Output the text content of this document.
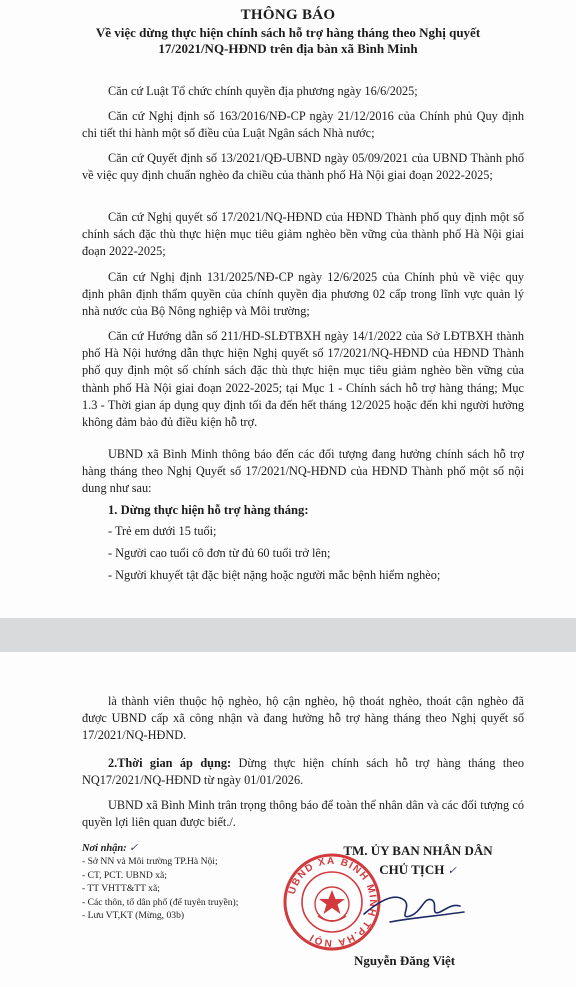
THÔNG BÁO
Về việc dừng thực hiện chính sách hỗ trợ hàng tháng theo Nghị quyết
17/2021/NQ-HĐND trên địa bàn xã Bình Minh

Căn cứ Luật Tổ chức chính quyền địa phương ngày 16/6/2025;

Căn cứ Nghị định số 163/2016/NĐ-CP ngày 21/12/2016 của Chính phủ Quy định chi tiết thi hành một số điều của Luật Ngân sách Nhà nước;

Căn cứ Quyết định số 13/2021/QĐ-UBND ngày 05/09/2021 của UBND Thành phố về việc quy định chuẩn nghèo đa chiều của thành phố Hà Nội giai đoạn 2022-2025;

Căn cứ Nghị quyết số 17/2021/NQ-HĐND của HĐND Thành phố quy định một số chính sách đặc thù thực hiện mục tiêu giảm nghèo bền vững của thành phố Hà Nội giai đoạn 2022-2025;

Căn cứ Nghị định 131/2025/NĐ-CP ngày 12/6/2025 của Chính phủ về việc quy định phân định thẩm quyền của chính quyền địa phương 02 cấp trong lĩnh vực quản lý nhà nước của Bộ Nông nghiệp và Môi trường;

Căn cứ Hướng dẫn số 211/HD-SLĐTBXH ngày 14/1/2022 của Sở LĐTBXH thành phố Hà Nội hướng dẫn thực hiện Nghị quyết số 17/2021/NQ-HĐND của HĐND Thành phố quy định một số chính sách đặc thù thực hiện mục tiêu giảm nghèo bền vững của thành phố Hà Nội giai đoạn 2022-2025; tại Mục 1 - Chính sách hỗ trợ hàng tháng; Mục 1.3 - Thời gian áp dụng quy định tối đa đến hết tháng 12/2025 hoặc đến khi người hưởng không đảm bảo đủ điều kiện hỗ trợ.

UBND xã Bình Minh thông báo đến các đối tượng đang hưởng chính sách hỗ trợ hàng tháng theo Nghị Quyết số 17/2021/NQ-HĐND của HĐND Thành phố một số nội dung như sau:

1. Dừng thực hiện hỗ trợ hàng tháng:
- Trẻ em dưới 15 tuổi;
- Người cao tuổi cô đơn từ đủ 60 tuổi trở lên;
- Người khuyết tật đặc biệt nặng hoặc người mắc bệnh hiểm nghèo;

là thành viên thuộc hộ nghèo, hộ cận nghèo, hộ thoát nghèo, thoát cận nghèo đã được UBND cấp xã công nhận và đang hưởng hỗ trợ hàng tháng theo Nghị quyết số 17/2021/NQ-HĐND.

2.Thời gian áp dụng: Dừng thực hiện chính sách hỗ trợ hàng tháng theo NQ17/2021/NQ-HĐND từ ngày 01/01/2026.

UBND xã Bình Minh trân trọng thông báo để toàn thể nhân dân và các đối tượng có quyền lợi liên quan được biết./.

Nơi nhận: ✓
- Sở NN và Môi trường TP.Hà Nội;
- CT, PCT. UBND xã;
- TT VHTT&TT xã;
- Các thôn, tổ dân phố (để tuyên truyền);
- Lưu VT,KT (Mừng, 03b)
TM. ỦY BAN NHÂN DÂN
CHỦ TỊCH ✓
UBND XÃ BÌNH MINH TP.HÀ NỘI
Nguyễn Đăng Việt
